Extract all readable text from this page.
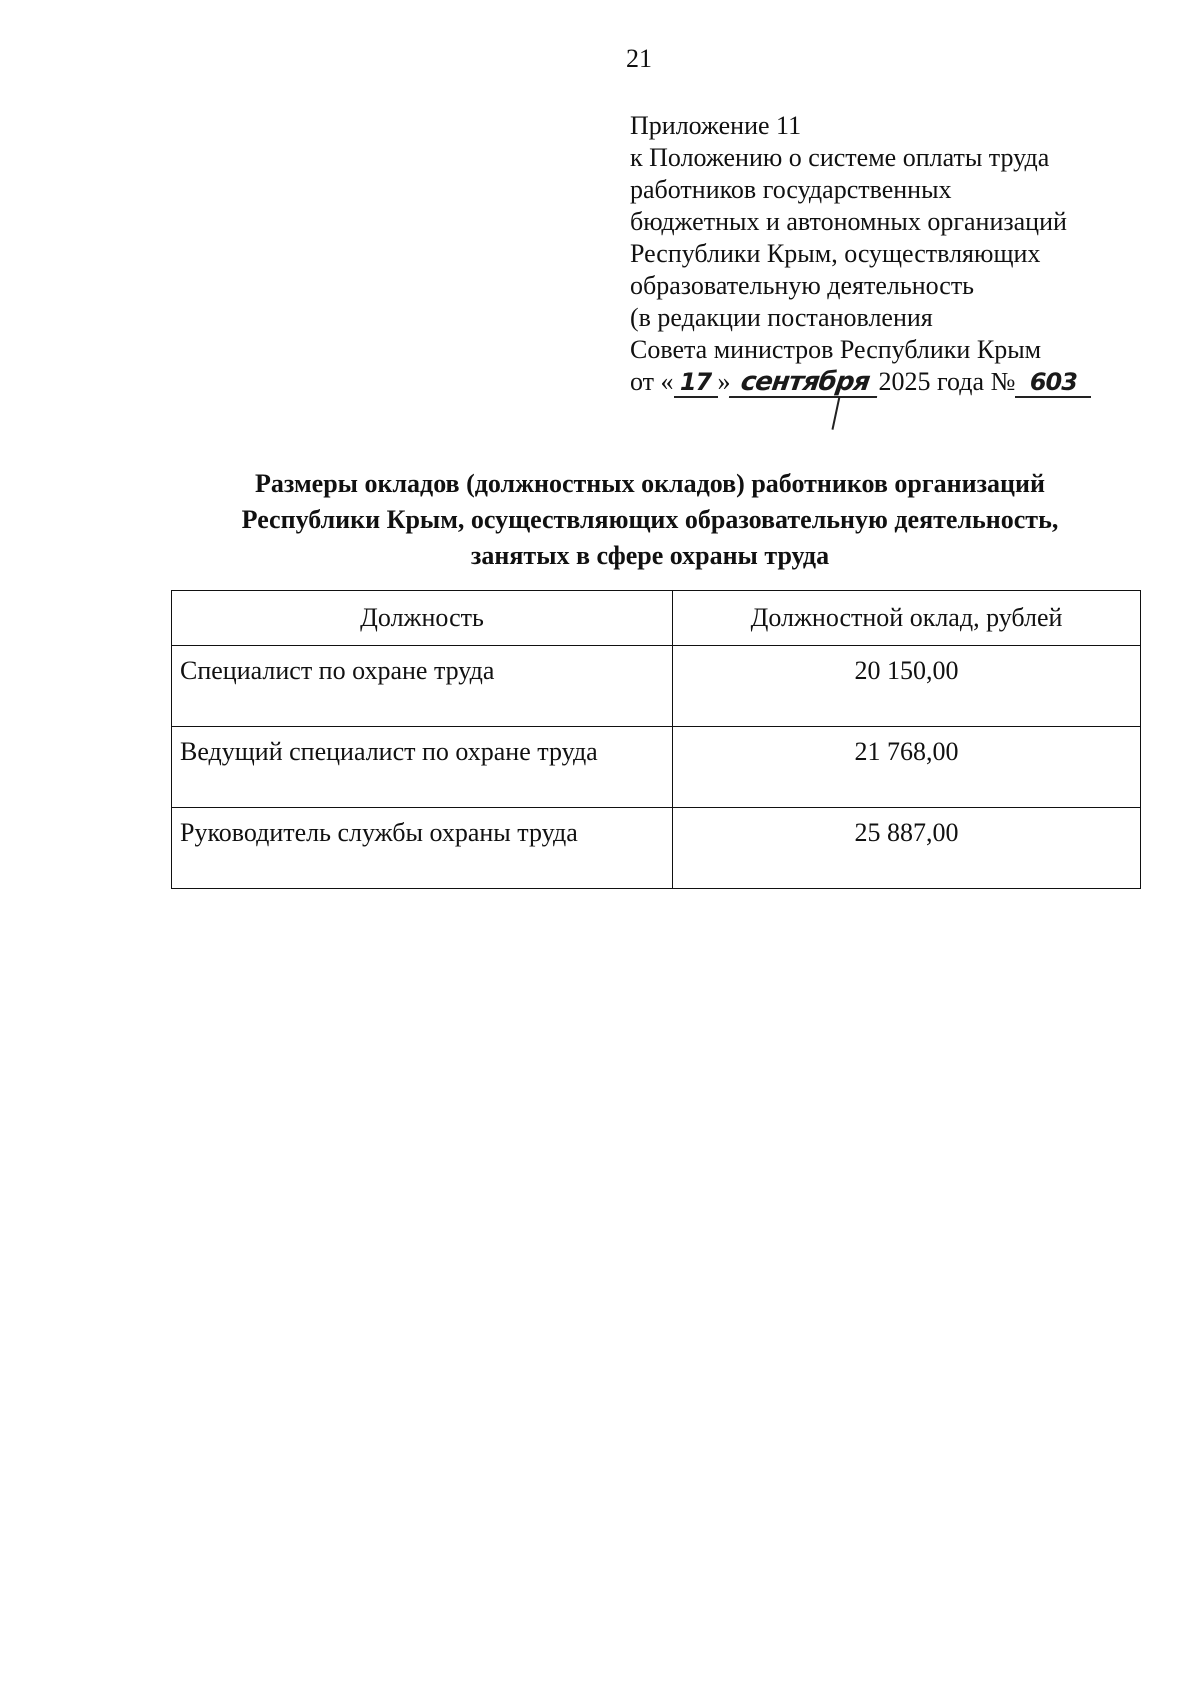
21
Приложение 11
к Положению о системе оплаты труда
работников государственных
бюджетных и автономных организаций
Республики Крым, осуществляющих
образовательную деятельность
(в редакции постановления
Совета министров Республики Крым
от « 17 » сентября 2025 года № 603
Размеры окладов (должностных окладов) работников организаций
Республики Крым, осуществляющих образовательную деятельность,
занятых в сфере охраны труда
Должность	Должностной оклад, рублей
Специалист по охране труда	20 150,00
Ведущий специалист по охране труда	21 768,00
Руководитель службы охраны труда	25 887,00
